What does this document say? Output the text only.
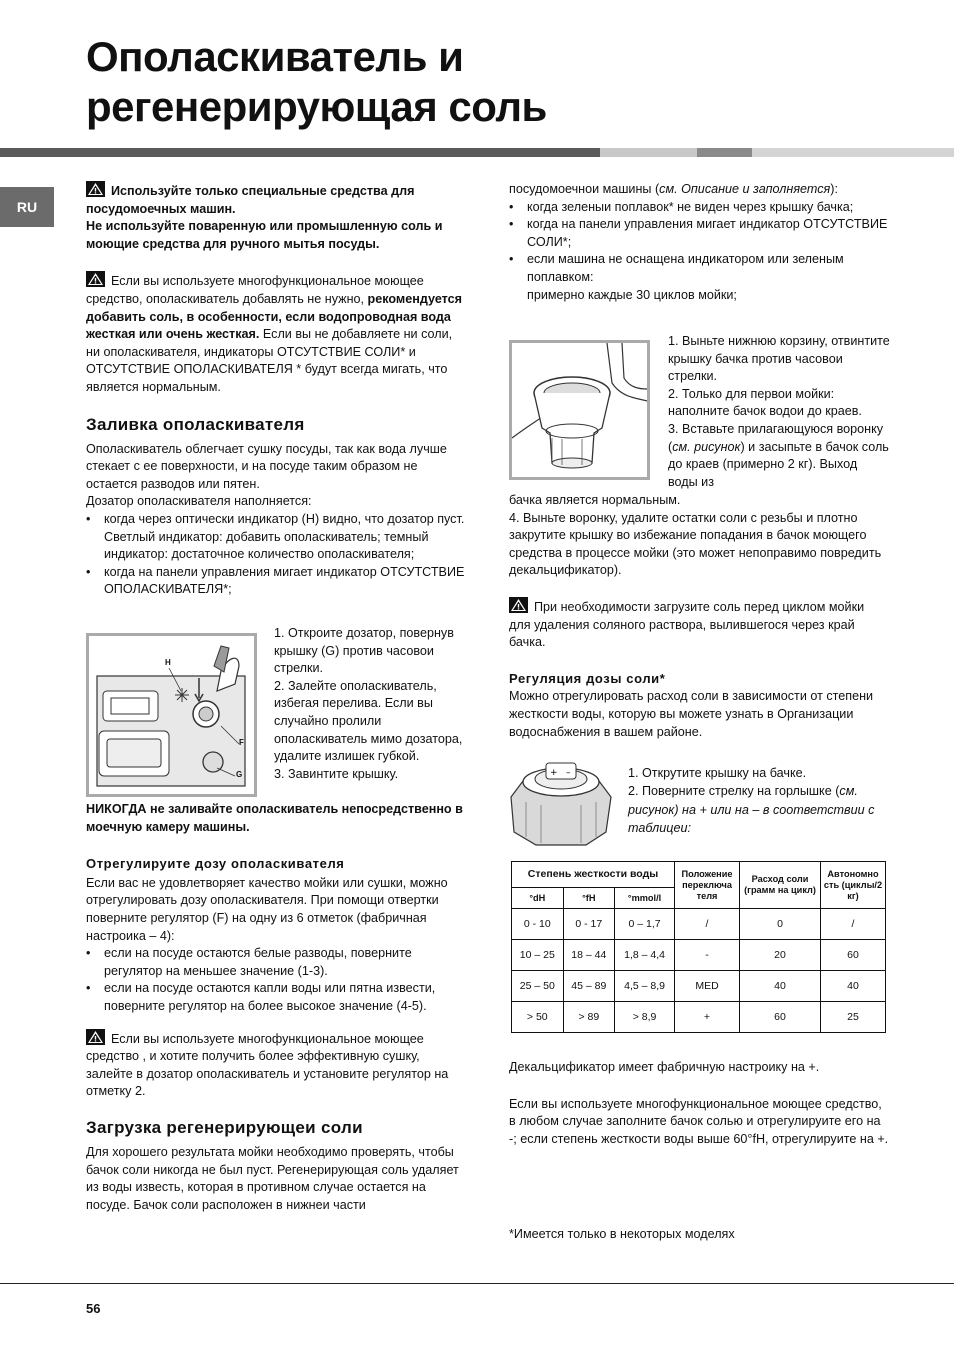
Ополаскиватель и
регенерирующая соль
RU

Используйте только специальные средства для посудомоечных машин.
Не используйте поваренную или промышленную соль и моющие средства для ручного мытья посуды.

Если вы используете многофункциональное моющее средство, ополаскиватель добавлять не нужно, рекомендуется добавить соль, в особенности, если водопроводная вода жесткая или очень жесткая. Если вы не добавляете ни соли, ни ополаскивателя, индикаторы ОТСУТСТВИЕ СОЛИ* и ОТСУТСТВИЕ ОПОЛАСКИВАТЕЛЯ * будут всегда мигать, что является нормальным.

Заливка ополаскивателя

Ополаскиватель облегчает сушку посуды, так как вода лучше стекает с ее поверхности, и на посуде таким образом не остается разводов или пятен.

Дозатор ополаскивателя наполняется:

• когда через оптически индикатор (H) видно, что дозатор пуст. Светлый индикатор: добавить ополаскиватель; темный индикатор: достаточное количество ополаскивателя;
• когда на панели управления мигает индикатор ОТСУТСТВИЕ ОПОЛАСКИВАТЕЛЯ*;
H
F
G
1. Откроите дозатор, повернув крышку (G) против часовои стрелки.
2. Залейте ополаскиватель, избегая перелива. Если вы случайно пролили ополаскиватель мимо дозатора, удалите излишек губкой.
3. Завинтите крышку.

НИКОГДА не заливайте ополаскиватель непосредственно в моечную камеру машины.

Отрегулируите дозу ополаскивателя

Если вас не удовлетворяет качество мойки или сушки, можно отрегулировать дозу ополаскивателя. При помощи отвертки поверните регулятор (F) на одну из 6 отметок (фабричная настроика – 4):

• если на посуде остаются белые разводы, поверните регулятор на меньшее значение (1-3).
• если на посуде остаются капли воды или пятна извести, поверните регулятор на более высокое значение (4-5).

Если вы используете многофункциональное моющее средство , и хотите получить более эффективную сушку, залейте в дозатор ополаскиватель и установите регулятор на отметку 2.

Загрузка регенерирующеи соли

Для хорошего результата мойки необходимо проверять, чтобы бачок соли никогда не был пуст. Регенерирующая соль удаляет из воды известь, которая в противном случае остается на посуде. Бачок соли расположен в нижнеи части

посудомоечнои машины (см. Описание и заполняется):

• когда зеленыи поплавок* не виден через крышку бачка;
• когда на панели управления мигает индикатор ОТСУТСТВИЕ СОЛИ*;
• если машина не оснащена индикатором или зеленым поплавком:
примерно каждые 30 циклов мойки;
1. Выньте нижнюю корзину, отвинтите крышку бачка против часовои стрелки.
2. Только для первои мойки: наполните бачок водои до краев.
3. Вставьте прилагающуюся воронку (см. рисунок) и засыпьте в бачок соль до краев (примерно 2 кг). Выход воды из

бачка является нормальным.
4. Выньте воронку, удалите остатки соли с резьбы и плотно закрутите крышку во избежание попадания в бачок моющего средства в процессе мойки (это может непоправимо повредить декальцификатор).

При необходимости загрузите соль перед циклом мойки для удаления соляного раствора, вылившегося через край бачка.

Регуляция дозы соли*

Можно отрегулировать расход соли в зависимости от степени жесткости воды, которую вы можете узнать в Организации водоснабжения в вашем районе.

+ –	1. Открутите крышку на бачке.

2. Поверните стрелку на горлышке (см. рисунок) на + или на – в соответствии с таблицеи:

Степень жесткости воды			Положение переключа теля	Расход соли (грамм на цикл)	Автономно сть (циклы/2 кг)
°dH	°fH	°mmol/l			
0 - 10	0 - 17	0 – 1,7	/	0	/
10 – 25	18 – 44	1,8 – 4,4	-	20	60
25 – 50	45 – 89	4,5 – 8,9	MED	40	40
> 50	> 89	> 8,9	+	60	25

Декальцификатор имеет фабричную настроику на +.

Если вы используете многофункциональное моющее средство, в любом случае заполните бачок солью и отрегулируите его на -; если степень жесткости воды выше 60°fH, отрегулируите на +.

*Имеется только в некоторых моделях
56
